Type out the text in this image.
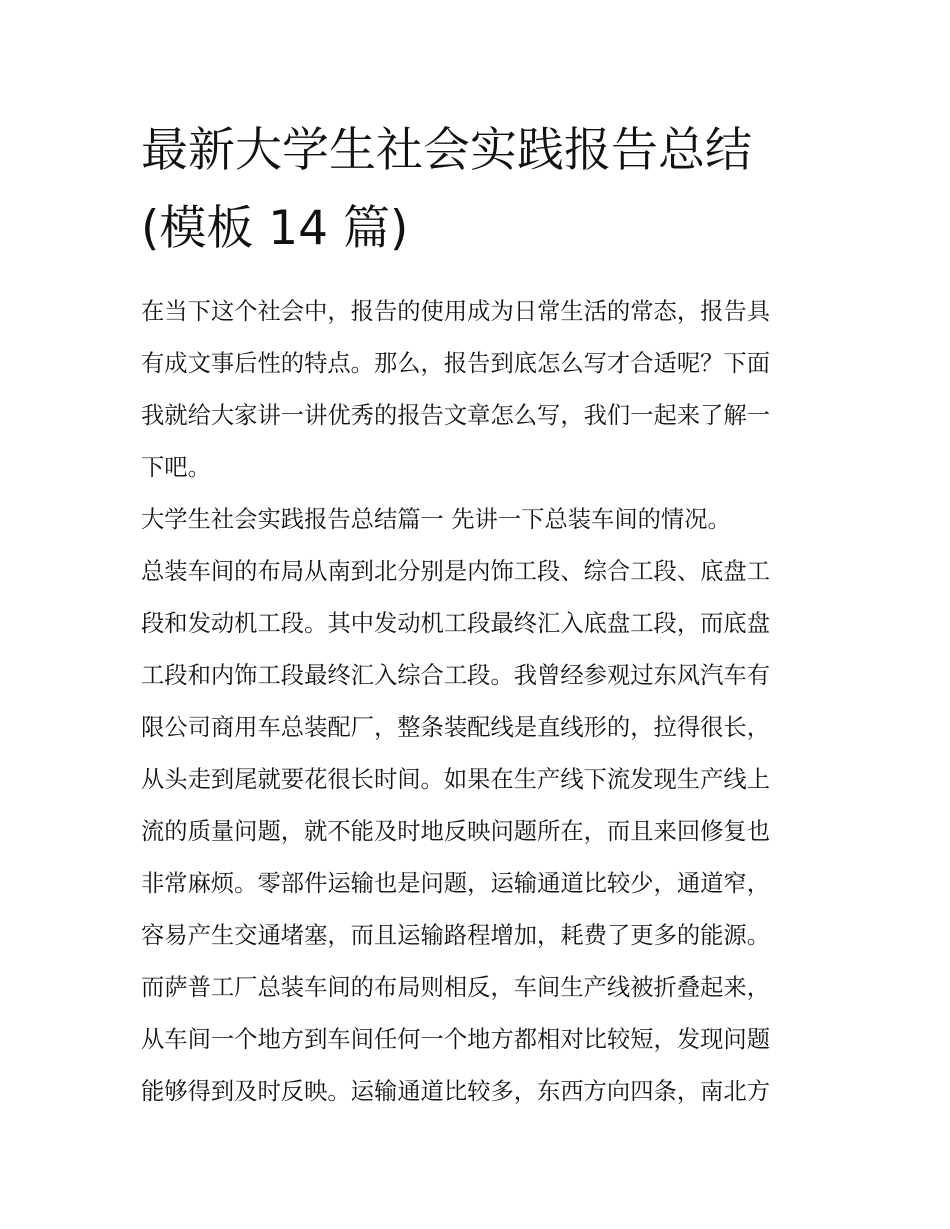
最新大学生社会实践报告总结
(模板 14 篇)

在当下这个社会中，报告的使用成为日常生活的常态，报告具
有成文事后性的特点。那么，报告到底怎么写才合适呢？下面
我就给大家讲一讲优秀的报告文章怎么写，我们一起来了解一
下吧。

大学生社会实践报告总结篇一 先讲一下总装车间的情况。

总装车间的布局从南到北分别是内饰工段、综合工段、底盘工
段和发动机工段。其中发动机工段最终汇入底盘工段，而底盘
工段和内饰工段最终汇入综合工段。我曾经参观过东风汽车有
限公司商用车总装配厂，整条装配线是直线形的，拉得很长，
从头走到尾就要花很长时间。如果在生产线下流发现生产线上
流的质量问题，就不能及时地反映问题所在，而且来回修复也
非常麻烦。零部件运输也是问题，运输通道比较少，通道窄，
容易产生交通堵塞，而且运输路程增加，耗费了更多的能源。
而萨普工厂总装车间的布局则相反，车间生产线被折叠起来，
从车间一个地方到车间任何一个地方都相对比较短，发现问题
能够得到及时反映。运输通道比较多，东西方向四条，南北方
